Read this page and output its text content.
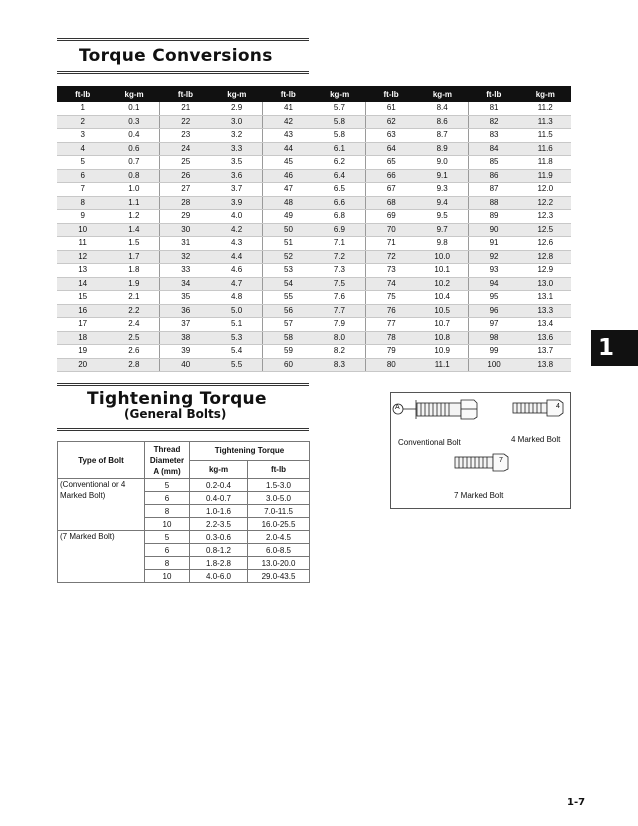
Torque Conversions
ft-lb	kg-m	ft-lb	kg-m	ft-lb	kg-m	ft-lb	kg-m	ft-lb	kg-m
1	0.1	21	2.9	41	5.7	61	8.4	81	11.2
2	0.3	22	3.0	42	5.8	62	8.6	82	11.3
3	0.4	23	3.2	43	5.8	63	8.7	83	11.5
4	0.6	24	3.3	44	6.1	64	8.9	84	11.6
5	0.7	25	3.5	45	6.2	65	9.0	85	11.8
6	0.8	26	3.6	46	6.4	66	9.1	86	11.9
7	1.0	27	3.7	47	6.5	67	9.3	87	12.0
8	1.1	28	3.9	48	6.6	68	9.4	88	12.2
9	1.2	29	4.0	49	6.8	69	9.5	89	12.3
10	1.4	30	4.2	50	6.9	70	9.7	90	12.5
11	1.5	31	4.3	51	7.1	71	9.8	91	12.6
12	1.7	32	4.4	52	7.2	72	10.0	92	12.8
13	1.8	33	4.6	53	7.3	73	10.1	93	12.9
14	1.9	34	4.7	54	7.5	74	10.2	94	13.0
15	2.1	35	4.8	55	7.6	75	10.4	95	13.1
16	2.2	36	5.0	56	7.7	76	10.5	96	13.3
17	2.4	37	5.1	57	7.9	77	10.7	97	13.4
18	2.5	38	5.3	58	8.0	78	10.8	98	13.6
19	2.6	39	5.4	59	8.2	79	10.9	99	13.7
20	2.8	40	5.5	60	8.3	80	11.1	100	13.8
1
Tightening Torque
(General Bolts)
Type of Bolt	Thread Diameter A (mm)	Tightening Torque	
		kg-m	ft-lb
(Conventional or 4 Marked Bolt)	5	0.2-0.4	1.5-3.0
	6	0.4-0.7	3.0-5.0
	8	1.0-1.6	7.0-11.5
	10	2.2-3.5	16.0-25.5
(7 Marked Bolt)	5	0.3-0.6	2.0-4.5
	6	0.8-1.2	6.0-8.5
	8	1.8-2.8	13.0-20.0
	10	4.0-6.0	29.0-43.5
A	4
7
Conventional Bolt	4 Marked Bolt
7 Marked Bolt
1-7
